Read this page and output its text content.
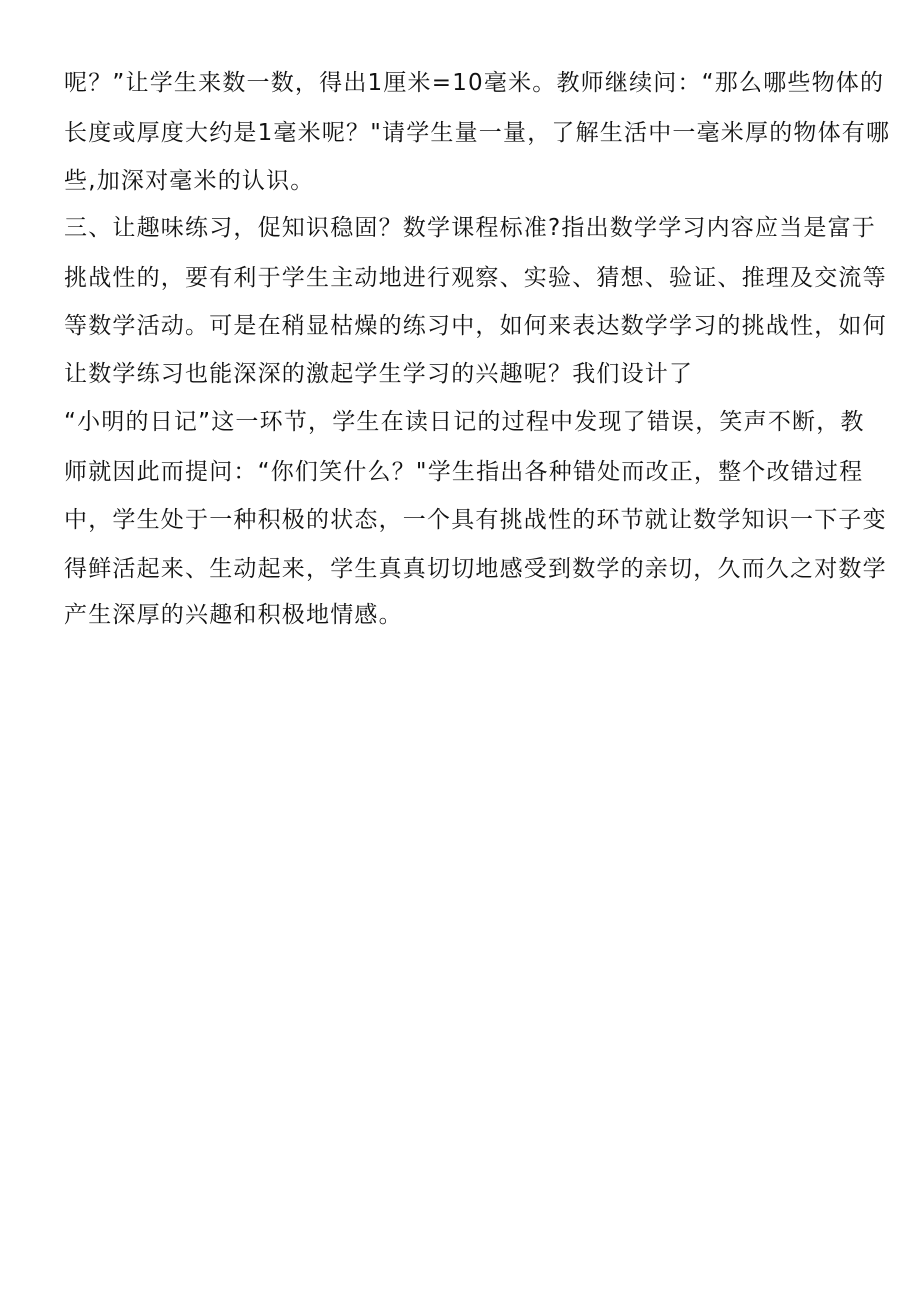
呢？”让学生来数一数，得出1厘米=10毫米。教师继续问：“那么哪些物体的
长度或厚度大约是1毫米呢？"请学生量一量，了解生活中一毫米厚的物体有哪
些,加深对毫米的认识。
三、让趣味练习，促知识稳固？数学课程标准?指出数学学习内容应当是富于
挑战性的，要有利于学生主动地进行观察、实验、猜想、验证、推理及交流等
等数学活动。可是在稍显枯燥的练习中，如何来表达数学学习的挑战性，如何
让数学练习也能深深的激起学生学习的兴趣呢？我们设计了
“小明的日记”这一环节，学生在读日记的过程中发现了错误，笑声不断，教
师就因此而提问：“你们笑什么？"学生指出各种错处而改正，整个改错过程
中，学生处于一种积极的状态，一个具有挑战性的环节就让数学知识一下子变
得鲜活起来、生动起来，学生真真切切地感受到数学的亲切，久而久之对数学
产生深厚的兴趣和积极地情感。
